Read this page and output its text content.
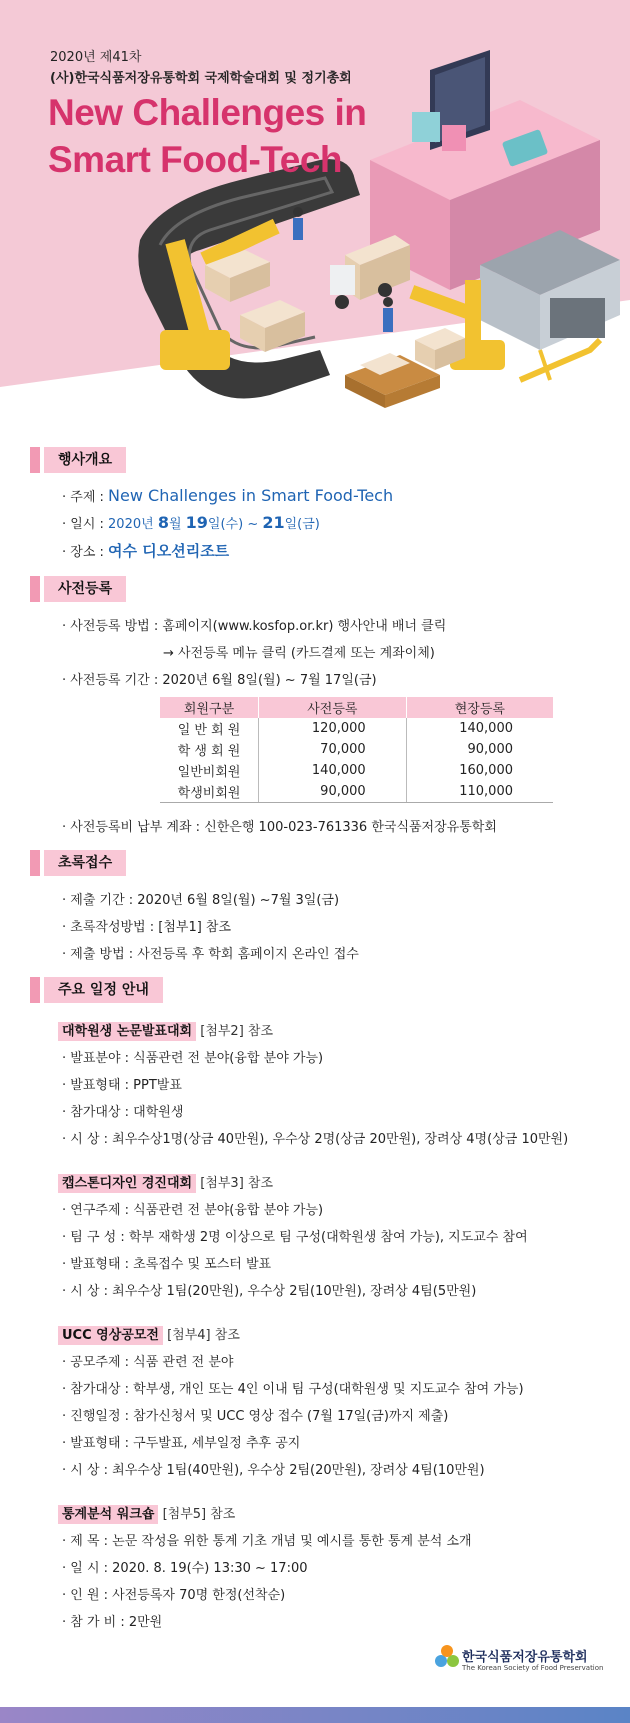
2020년 제41차
(사)한국식품저장유통학회 국제학술대회 및 정기총회
New Challenges in
Smart Food-Tech
행사개요
· 주제 : New Challenges in Smart Food-Tech
· 일시 : 2020년 8월 19일(수) ~ 21일(금)
· 장소 : 여수 디오션리조트
사전등록
· 사전등록 방법 : 홈페이지(www.kosfop.or.kr) 행사안내 배너 클릭
→ 사전등록 메뉴 클릭 (카드결제 또는 계좌이체)
· 사전등록 기간 : 2020년 6월 8일(월) ~ 7월 17일(금)
회원구분	사전등록	현장등록
일 반 회 원	120,000	140,000
학 생 회 원	70,000	90,000
일반비회원	140,000	160,000
학생비회원	90,000	110,000
· 사전등록비 납부 계좌 : 신한은행 100-023-761336 한국식품저장유통학회
초록접수
· 제출 기간 : 2020년 6월 8일(월) ~7월 3일(금)
· 초록작성방법 : [첨부1] 참조
· 제출 방법 : 사전등록 후 학회 홈페이지 온라인 접수
주요 일정 안내
대학원생 논문발표대회 [첨부2] 참조
· 발표분야 : 식품관련 전 분야(융합 분야 가능)
· 발표형태 : PPT발표
· 참가대상 : 대학원생
· 시 상 : 최우수상1명(상금 40만원), 우수상 2명(상금 20만원), 장려상 4명(상금 10만원)
캡스톤디자인 경진대회 [첨부3] 참조
· 연구주제 : 식품관련 전 분야(융합 분야 가능)
· 팀 구 성 : 학부 재학생 2명 이상으로 팀 구성(대학원생 참여 가능), 지도교수 참여
· 발표형태 : 초록접수 및 포스터 발표
· 시 상 : 최우수상 1팀(20만원), 우수상 2팀(10만원), 장려상 4팀(5만원)
UCC 영상공모전 [첨부4] 참조
· 공모주제 : 식품 관련 전 분야
· 참가대상 : 학부생, 개인 또는 4인 이내 팀 구성(대학원생 및 지도교수 참여 가능)
· 진행일정 : 참가신청서 및 UCC 영상 접수 (7월 17일(금)까지 제출)
· 발표형태 : 구두발표, 세부일정 추후 공지
· 시 상 : 최우수상 1팀(40만원), 우수상 2팀(20만원), 장려상 4팀(10만원)
통계분석 워크숍 [첨부5] 참조
· 제 목 : 논문 작성을 위한 통계 기초 개념 및 예시를 통한 통계 분석 소개
· 일 시 : 2020. 8. 19(수) 13:30 ~ 17:00
· 인 원 : 사전등록자 70명 한정(선착순)
· 참 가 비 : 2만원
한국식품저장유통학회
The Korean Society of Food Preservation
